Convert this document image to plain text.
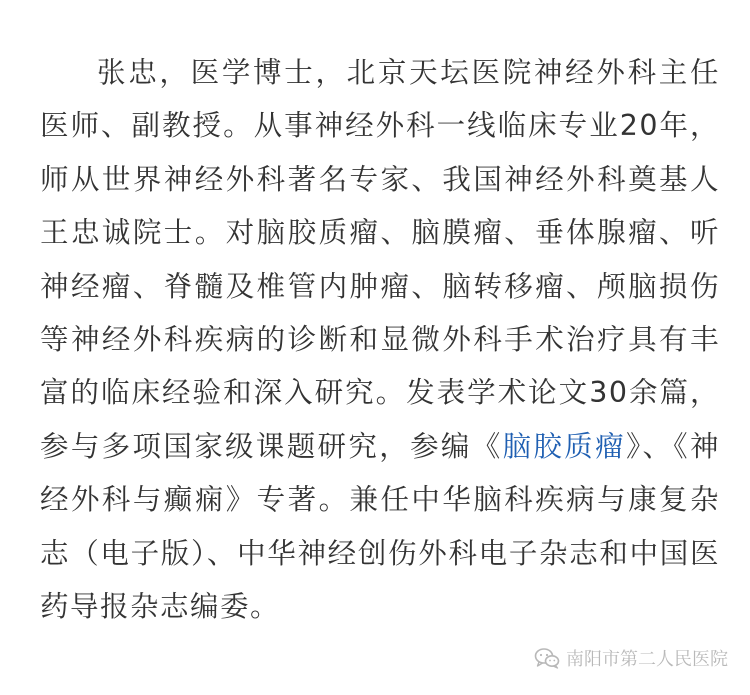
张忠，医学博士，北京天坛医院神经外科主任医师、副教授。从事神经外科一线临床专业20年，师从世界神经外科著名专家、我国神经外科奠基人王忠诚院士。对脑胶质瘤、脑膜瘤、垂体腺瘤、听神经瘤、脊髓及椎管内肿瘤、脑转移瘤、颅脑损伤等神经外科疾病的诊断和显微外科手术治疗具有丰富的临床经验和深入研究。发表学术论文30余篇，参与多项国家级课题研究，参编《脑胶质瘤》、《神经外科与癫痫》专著。兼任中华脑科疾病与康复杂志（电子版）、中华神经创伤外科电子杂志和中国医药导报杂志编委。

南阳市第二人民医院
